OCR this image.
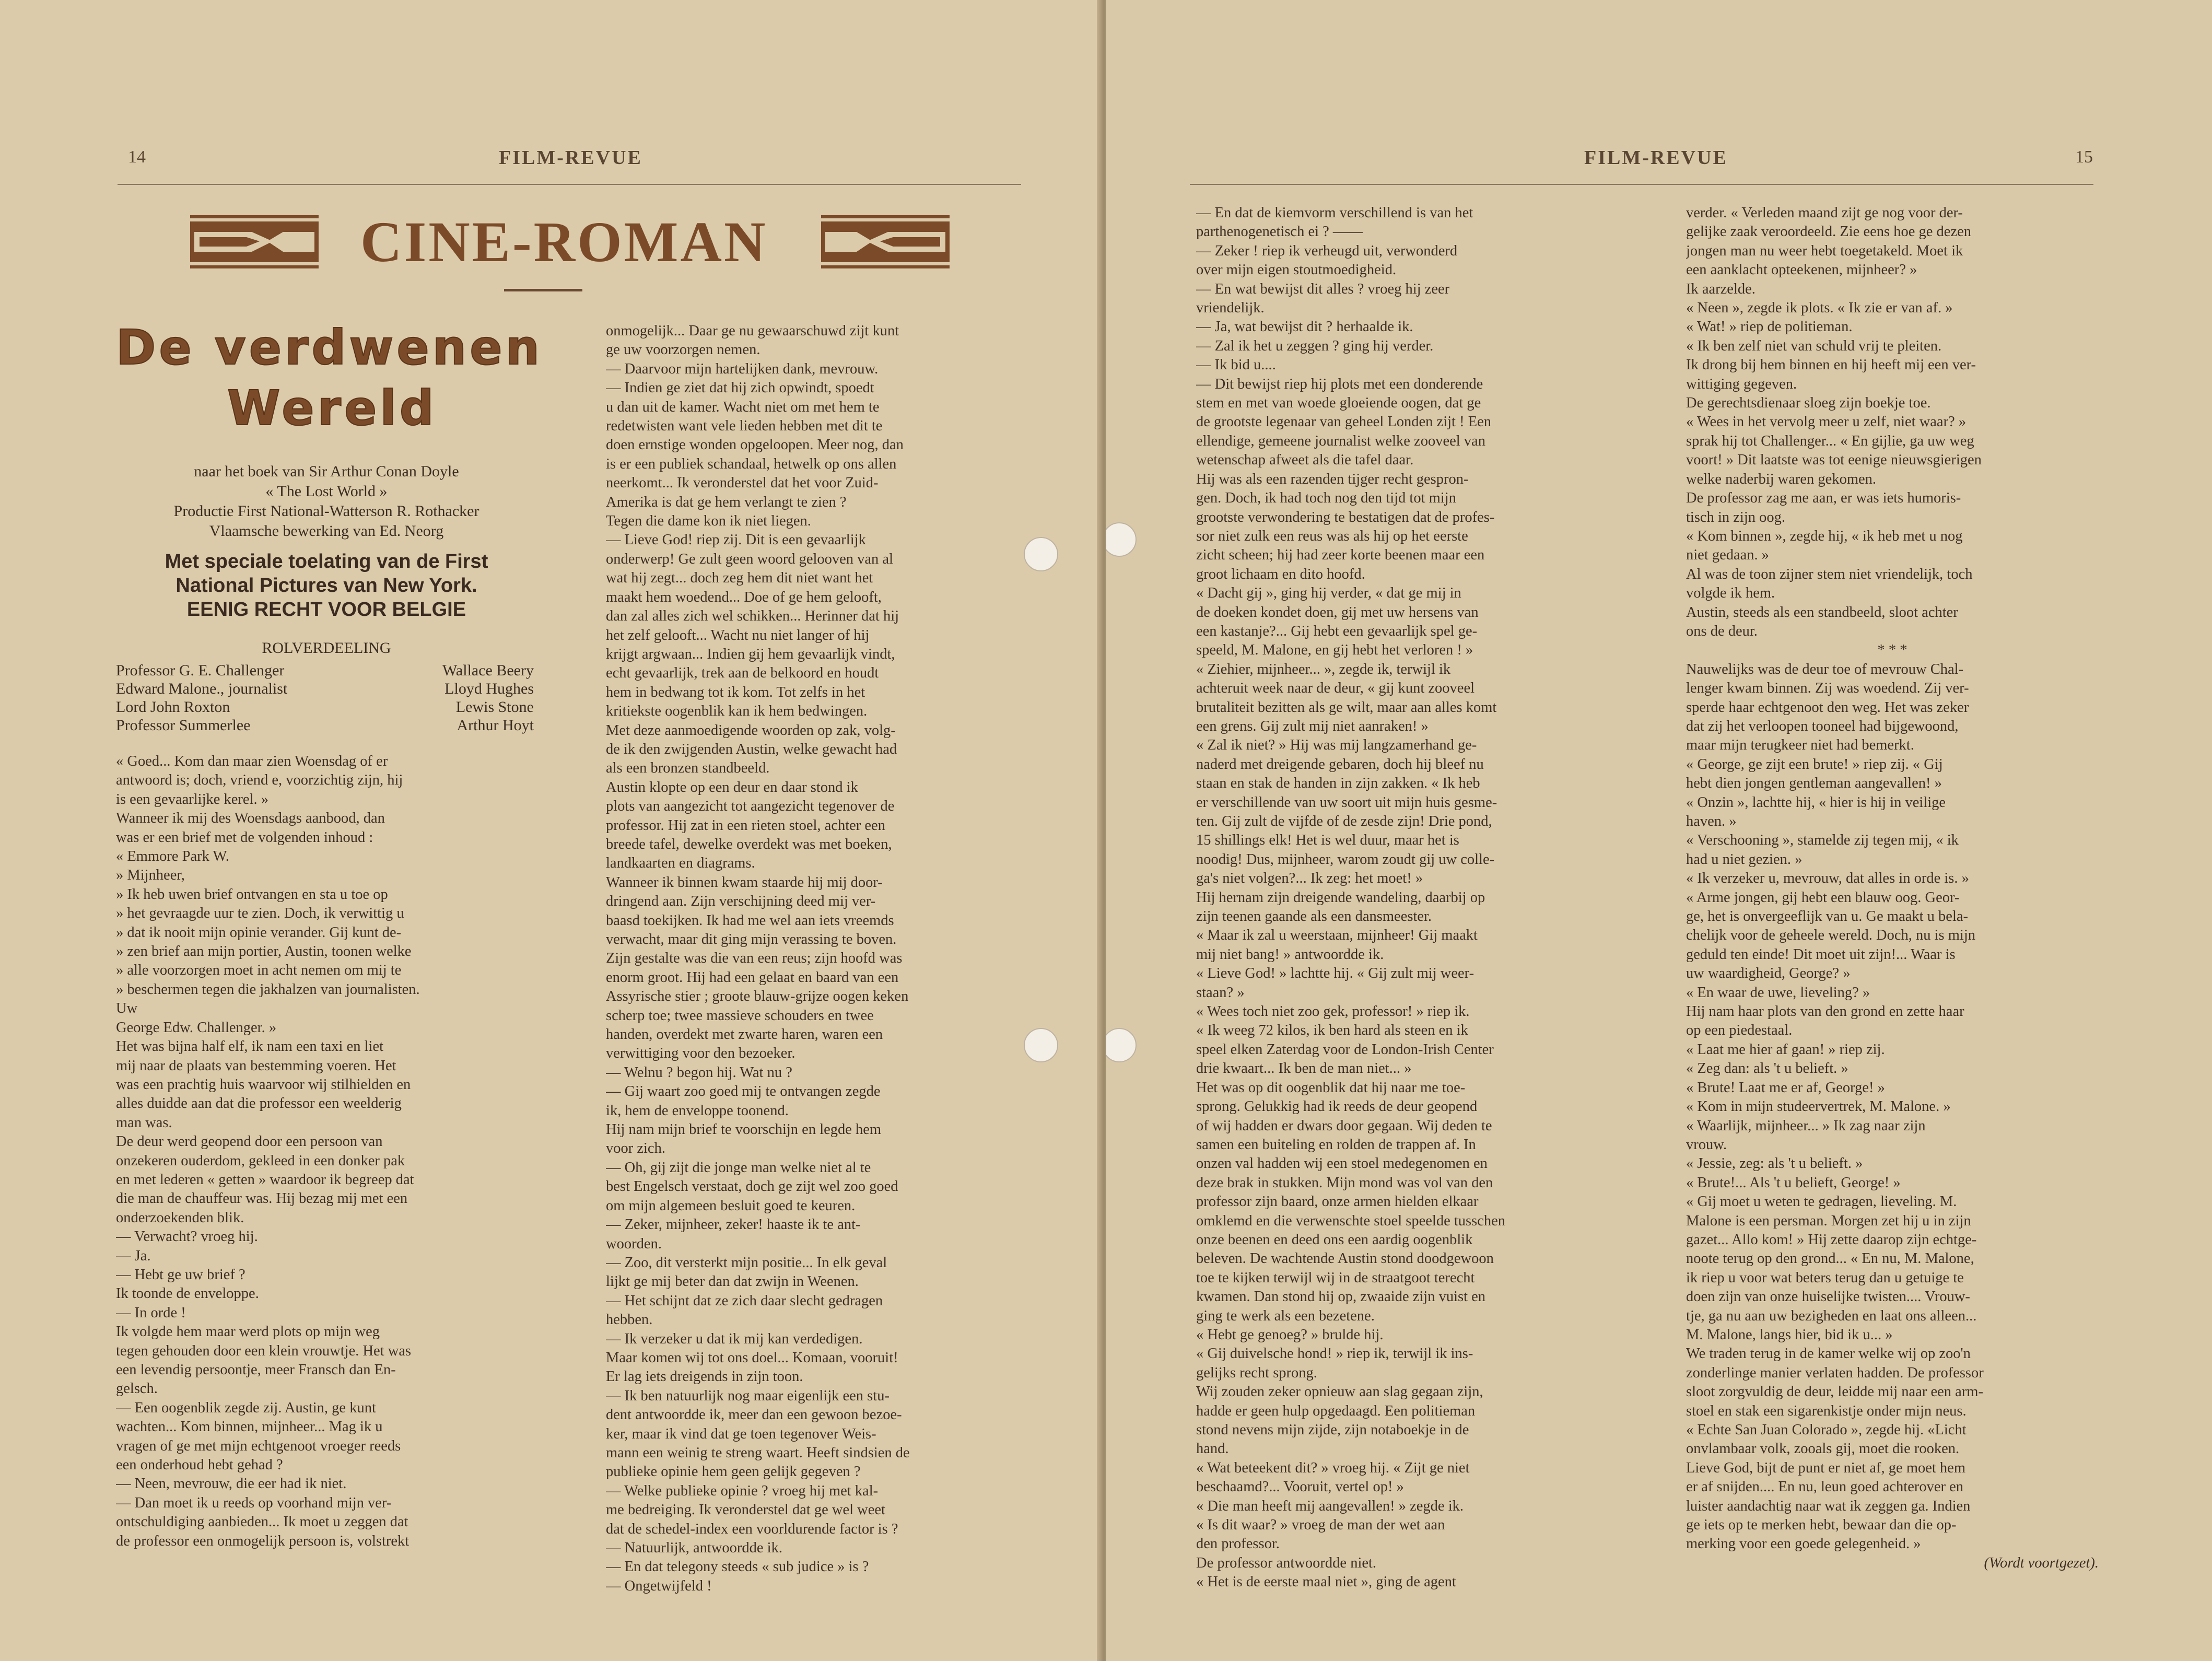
14	FILM-REVUE
CINE-ROMAN
De verdwenen
Wereld

naar het boek van Sir Arthur Conan Doyle

« The Lost World »

Productie First National-Watterson R. Rothacker

Vlaamsche bewerking van Ed. Neorg

Met speciale toelating van de First
National Pictures van New York.
EENIG RECHT VOOR BELGIE
ROLVERDEELING
Professor G. E. Challenger	Wallace Beery
Edward Malone., journalist	Lloyd Hughes
Lord John Roxton	Lewis Stone
Professor Summerlee	Arthur Hoyt

« Goed... Kom dan maar zien Woensdag of er

antwoord is; doch, vriend e, voorzichtig zijn, hij

is een gevaarlijke kerel. »

Wanneer ik mij des Woensdags aanbood, dan

was er een brief met de volgenden inhoud :

« Emmore Park W.

» Mijnheer,

» Ik heb uwen brief ontvangen en sta u toe op

» het gevraagde uur te zien. Doch, ik verwittig u

» dat ik nooit mijn opinie verander. Gij kunt de-

» zen brief aan mijn portier, Austin, toonen welke

» alle voorzorgen moet in acht nemen om mij te

» beschermen tegen die jakhalzen van journalisten.

Uw

George Edw. Challenger. »

Het was bijna half elf, ik nam een taxi en liet

mij naar de plaats van bestemming voeren. Het

was een prachtig huis waarvoor wij stilhielden en

alles duidde aan dat die professor een weelderig

man was.

De deur werd geopend door een persoon van

onzekeren ouderdom, gekleed in een donker pak

en met lederen « getten » waardoor ik begreep dat

die man de chauffeur was. Hij bezag mij met een

onderzoekenden blik.

— Verwacht? vroeg hij.

— Ja.

— Hebt ge uw brief ?

Ik toonde de enveloppe.

— In orde !

Ik volgde hem maar werd plots op mijn weg

tegen gehouden door een klein vrouwtje. Het was

een levendig persoontje, meer Fransch dan En-

gelsch.

— Een oogenblik zegde zij. Austin, ge kunt

wachten... Kom binnen, mijnheer... Mag ik u

vragen of ge met mijn echtgenoot vroeger reeds

een onderhoud hebt gehad ?

— Neen, mevrouw, die eer had ik niet.

— Dan moet ik u reeds op voorhand mijn ver-

ontschuldiging aanbieden... Ik moet u zeggen dat

de professor een onmogelijk persoon is, volstrekt

onmogelijk... Daar ge nu gewaarschuwd zijt kunt

ge uw voorzorgen nemen.

— Daarvoor mijn hartelijken dank, mevrouw.

— Indien ge ziet dat hij zich opwindt, spoedt

u dan uit de kamer. Wacht niet om met hem te

redetwisten want vele lieden hebben met dit te

doen ernstige wonden opgeloopen. Meer nog, dan

is er een publiek schandaal, hetwelk op ons allen

neerkomt... Ik veronderstel dat het voor Zuid-

Amerika is dat ge hem verlangt te zien ?

Tegen die dame kon ik niet liegen.

— Lieve God! riep zij. Dit is een gevaarlijk

onderwerp! Ge zult geen woord gelooven van al

wat hij zegt... doch zeg hem dit niet want het

maakt hem woedend... Doe of ge hem gelooft,

dan zal alles zich wel schikken... Herinner dat hij

het zelf gelooft... Wacht nu niet langer of hij

krijgt argwaan... Indien gij hem gevaarlijk vindt,

echt gevaarlijk, trek aan de belkoord en houdt

hem in bedwang tot ik kom. Tot zelfs in het

kritiekste oogenblik kan ik hem bedwingen.

Met deze aanmoedigende woorden op zak, volg-

de ik den zwijgenden Austin, welke gewacht had

als een bronzen standbeeld.

Austin klopte op een deur en daar stond ik

plots van aangezicht tot aangezicht tegenover de

professor. Hij zat in een rieten stoel, achter een

breede tafel, dewelke overdekt was met boeken,

landkaarten en diagrams.

Wanneer ik binnen kwam staarde hij mij door-

dringend aan. Zijn verschijning deed mij ver-

baasd toekijken. Ik had me wel aan iets vreemds

verwacht, maar dit ging mijn verassing te boven.

Zijn gestalte was die van een reus; zijn hoofd was

enorm groot. Hij had een gelaat en baard van een

Assyrische stier ; groote blauw-grijze oogen keken

scherp toe; twee massieve schouders en twee

handen, overdekt met zwarte haren, waren een

verwittiging voor den bezoeker.

— Welnu ? begon hij. Wat nu ?

— Gij waart zoo goed mij te ontvangen zegde

ik, hem de enveloppe toonend.

Hij nam mijn brief te voorschijn en legde hem

voor zich.

— Oh, gij zijt die jonge man welke niet al te

best Engelsch verstaat, doch ge zijt wel zoo goed

om mijn algemeen besluit goed te keuren.

— Zeker, mijnheer, zeker! haaste ik te ant-

woorden.

— Zoo, dit versterkt mijn positie... In elk geval

lijkt ge mij beter dan dat zwijn in Weenen.

— Het schijnt dat ze zich daar slecht gedragen

hebben.

— Ik verzeker u dat ik mij kan verdedigen.

Maar komen wij tot ons doel... Komaan, vooruit!

Er lag iets dreigends in zijn toon.

— Ik ben natuurlijk nog maar eigenlijk een stu-

dent antwoordde ik, meer dan een gewoon bezoe-

ker, maar ik vind dat ge toen tegenover Weis-

mann een weinig te streng waart. Heeft sindsien de

publieke opinie hem geen gelijk gegeven ?

— Welke publieke opinie ? vroeg hij met kal-

me bedreiging. Ik veronderstel dat ge wel weet

dat de schedel-index een voorldurende factor is ?

— Natuurlijk, antwoordde ik.

— En dat telegony steeds « sub judice » is ?

— Ongetwijfeld !

FILM-REVUE	15

— En dat de kiemvorm verschillend is van het

parthenogenetisch ei ? ——

— Zeker ! riep ik verheugd uit, verwonderd

over mijn eigen stoutmoedigheid.

— En wat bewijst dit alles ? vroeg hij zeer

vriendelijk.

— Ja, wat bewijst dit ? herhaalde ik.

— Zal ik het u zeggen ? ging hij verder.

— Ik bid u....

— Dit bewijst riep hij plots met een donderende

stem en met van woede gloeiende oogen, dat ge

de grootste legenaar van geheel Londen zijt ! Een

ellendige, gemeene journalist welke zooveel van

wetenschap afweet als die tafel daar.

Hij was als een razenden tijger recht gespron-

gen. Doch, ik had toch nog den tijd tot mijn

grootste verwondering te bestatigen dat de profes-

sor niet zulk een reus was als hij op het eerste

zicht scheen; hij had zeer korte beenen maar een

groot lichaam en dito hoofd.

« Dacht gij », ging hij verder, « dat ge mij in

de doeken kondet doen, gij met uw hersens van

een kastanje?... Gij hebt een gevaarlijk spel ge-

speeld, M. Malone, en gij hebt het verloren ! »

« Ziehier, mijnheer... », zegde ik, terwijl ik

achteruit week naar de deur, « gij kunt zooveel

brutaliteit bezitten als ge wilt, maar aan alles komt

een grens. Gij zult mij niet aanraken! »

« Zal ik niet? » Hij was mij langzamerhand ge-

naderd met dreigende gebaren, doch hij bleef nu

staan en stak de handen in zijn zakken. « Ik heb

er verschillende van uw soort uit mijn huis gesme-

ten. Gij zult de vijfde of de zesde zijn! Drie pond,

15 shillings elk! Het is wel duur, maar het is

noodig! Dus, mijnheer, warom zoudt gij uw colle-

ga's niet volgen?... Ik zeg: het moet! »

Hij hernam zijn dreigende wandeling, daarbij op

zijn teenen gaande als een dansmeester.

« Maar ik zal u weerstaan, mijnheer! Gij maakt

mij niet bang! » antwoordde ik.

« Lieve God! » lachtte hij. « Gij zult mij weer-

staan? »

« Wees toch niet zoo gek, professor! » riep ik.

« Ik weeg 72 kilos, ik ben hard als steen en ik

speel elken Zaterdag voor de London-Irish Center

drie kwaart... Ik ben de man niet... »

Het was op dit oogenblik dat hij naar me toe-

sprong. Gelukkig had ik reeds de deur geopend

of wij hadden er dwars door gegaan. Wij deden te

samen een buiteling en rolden de trappen af. In

onzen val hadden wij een stoel medegenomen en

deze brak in stukken. Mijn mond was vol van den

professor zijn baard, onze armen hielden elkaar

omklemd en die verwenschte stoel speelde tusschen

onze beenen en deed ons een aardig oogenblik

beleven. De wachtende Austin stond doodgewoon

toe te kijken terwijl wij in de straatgoot terecht

kwamen. Dan stond hij op, zwaaide zijn vuist en

ging te werk als een bezetene.

« Hebt ge genoeg? » brulde hij.

« Gij duivelsche hond! » riep ik, terwijl ik ins-

gelijks recht sprong.

Wij zouden zeker opnieuw aan slag gegaan zijn,

hadde er geen hulp opgedaagd. Een politieman

stond nevens mijn zijde, zijn notaboekje in de

hand.

« Wat beteekent dit? » vroeg hij. « Zijt ge niet

beschaamd?... Vooruit, vertel op! »

« Die man heeft mij aangevallen! » zegde ik.

« Is dit waar? » vroeg de man der wet aan

den professor.

De professor antwoordde niet.

« Het is de eerste maal niet », ging de agent

verder. « Verleden maand zijt ge nog voor der-

gelijke zaak veroordeeld. Zie eens hoe ge dezen

jongen man nu weer hebt toegetakeld. Moet ik

een aanklacht opteekenen, mijnheer? »

Ik aarzelde.

« Neen », zegde ik plots. « Ik zie er van af. »

« Wat! » riep de politieman.

« Ik ben zelf niet van schuld vrij te pleiten.

Ik drong bij hem binnen en hij heeft mij een ver-

wittiging gegeven.

De gerechtsdienaar sloeg zijn boekje toe.

« Wees in het vervolg meer u zelf, niet waar? »

sprak hij tot Challenger... « En gijlie, ga uw weg

voort! » Dit laatste was tot eenige nieuwsgierigen

welke naderbij waren gekomen.

De professor zag me aan, er was iets humoris-

tisch in zijn oog.

« Kom binnen », zegde hij, « ik heb met u nog

niet gedaan. »

Al was de toon zijner stem niet vriendelijk, toch

volgde ik hem.

Austin, steeds als een standbeeld, sloot achter

ons de deur.

* * *

Nauwelijks was de deur toe of mevrouw Chal-

lenger kwam binnen. Zij was woedend. Zij ver-

sperde haar echtgenoot den weg. Het was zeker

dat zij het verloopen tooneel had bijgewoond,

maar mijn terugkeer niet had bemerkt.

« George, ge zijt een brute! » riep zij. « Gij

hebt dien jongen gentleman aangevallen! »

« Onzin », lachtte hij, « hier is hij in veilige

haven. »

« Verschooning », stamelde zij tegen mij, « ik

had u niet gezien. »

« Ik verzeker u, mevrouw, dat alles in orde is. »

« Arme jongen, gij hebt een blauw oog. Geor-

ge, het is onvergeeflijk van u. Ge maakt u bela-

chelijk voor de geheele wereld. Doch, nu is mijn

geduld ten einde! Dit moet uit zijn!... Waar is

uw waardigheid, George? »

« En waar de uwe, lieveling? »

Hij nam haar plots van den grond en zette haar

op een piedestaal.

« Laat me hier af gaan! » riep zij.

« Zeg dan: als 't u belieft. »

« Brute! Laat me er af, George! »

« Kom in mijn studeervertrek, M. Malone. »

« Waarlijk, mijnheer... » Ik zag naar zijn

vrouw.

« Jessie, zeg: als 't u belieft. »

« Brute!... Als 't u belieft, George! »

« Gij moet u weten te gedragen, lieveling. M.

Malone is een persman. Morgen zet hij u in zijn

gazet... Allo kom! » Hij zette daarop zijn echtge-

noote terug op den grond... « En nu, M. Malone,

ik riep u voor wat beters terug dan u getuige te

doen zijn van onze huiselijke twisten.... Vrouw-

tje, ga nu aan uw bezigheden en laat ons alleen...

M. Malone, langs hier, bid ik u... »

We traden terug in de kamer welke wij op zoo'n

zonderlinge manier verlaten hadden. De professor

sloot zorgvuldig de deur, leidde mij naar een arm-

stoel en stak een sigarenkistje onder mijn neus.

« Echte San Juan Colorado », zegde hij. «Licht

onvlambaar volk, zooals gij, moet die rooken.

Lieve God, bijt de punt er niet af, ge moet hem

er af snijden.... En nu, leun goed achterover en

luister aandachtig naar wat ik zeggen ga. Indien

ge iets op te merken hebt, bewaar dan die op-

merking voor een goede gelegenheid. »

(Wordt voortgezet).
